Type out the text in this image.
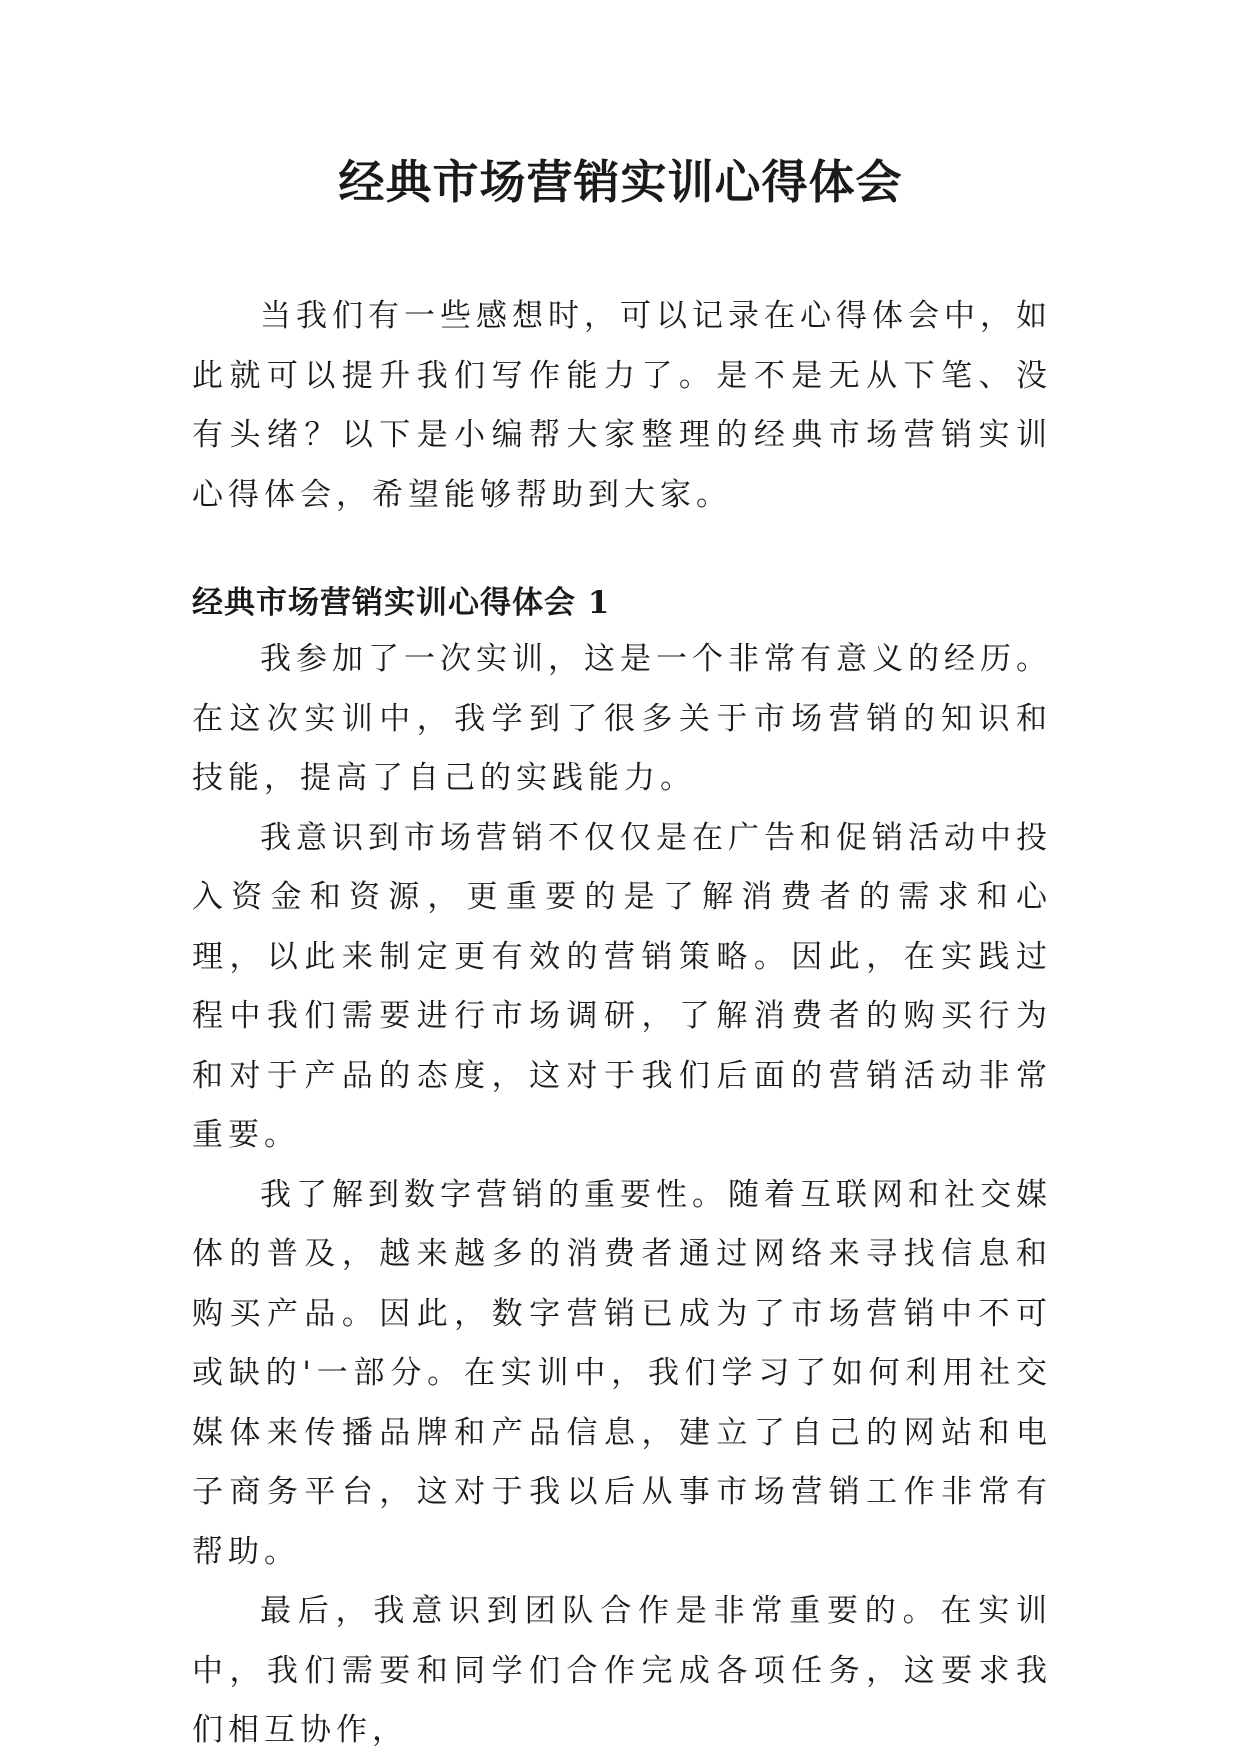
经典市场营销实训心得体会

当我们有一些感想时，可以记录在心得体会中，如此就可以提升我们写作能力了。是不是无从下笔、没有头绪？以下是小编帮大家整理的经典市场营销实训心得体会，希望能够帮助到大家。

经典市场营销实训心得体会 1

我参加了一次实训，这是一个非常有意义的经历。在这次实训中，我学到了很多关于市场营销的知识和技能，提高了自己的实践能力。

我意识到市场营销不仅仅是在广告和促销活动中投入资金和资源，更重要的是了解消费者的需求和心理，以此来制定更有效的营销策略。因此，在实践过程中我们需要进行市场调研，了解消费者的购买行为和对于产品的态度，这对于我们后面的营销活动非常重要。

我了解到数字营销的重要性。随着互联网和社交媒体的普及，越来越多的消费者通过网络来寻找信息和购买产品。因此，数字营销已成为了市场营销中不可或缺的'一部分。在实训中，我们学习了如何利用社交媒体来传播品牌和产品信息，建立了自己的网站和电子商务平台，这对于我以后从事市场营销工作非常有帮助。

最后，我意识到团队合作是非常重要的。在实训中，我们需要和同学们合作完成各项任务，这要求我们相互协作，
